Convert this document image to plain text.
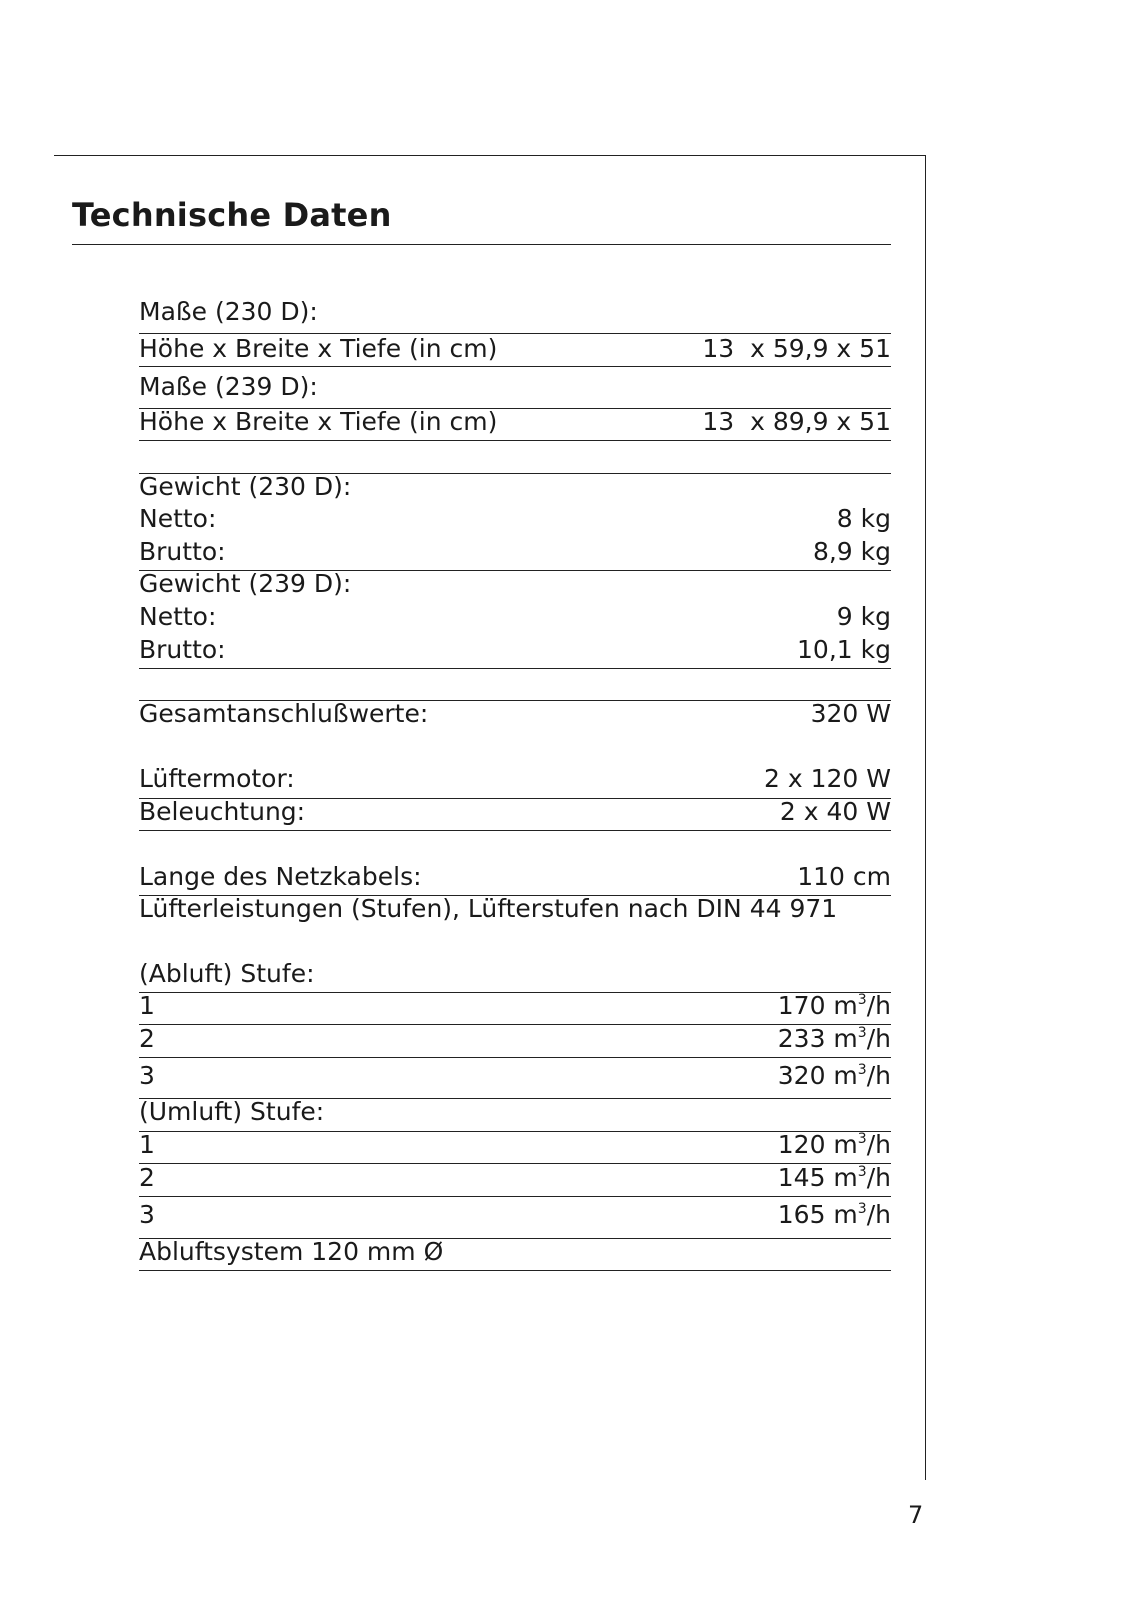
Technische Daten
Maße (230 D):
Höhe x Breite x Tiefe (in cm)	13  x 59,9 x 51
Maße (239 D):
Höhe x Breite x Tiefe (in cm)	13  x 89,9 x 51
Gewicht (230 D):
Netto:	8 kg
Brutto:	8,9 kg
Gewicht (239 D):
Netto:	9 kg
Brutto:	10,1 kg
Gesamtanschlußwerte:	320 W
Lüftermotor:	2 x 120 W
Beleuchtung:	2 x 40 W
Lange des Netzkabels:	110 cm
Lüfterleistungen (Stufen), Lüfterstufen nach DIN 44 971
(Abluft) Stufe:
1	170 $m^3/h$
2	233 $m^3/h$
3	320 $m^3/h$
(Umluft) Stufe:
1	120 $m^3/h$
2	145 $m^3/h$
3	165 $m^3/h$
Abluftsystem 120 mm Ø
7
